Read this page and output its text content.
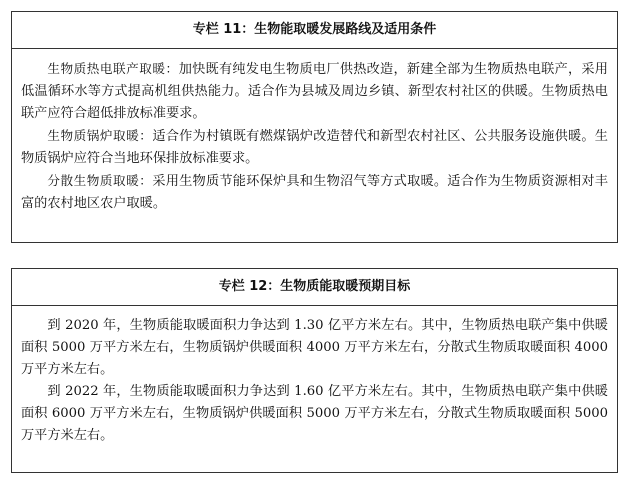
专栏 11：生物能取暖发展路线及适用条件

生物质热电联产取暖：加快既有纯发电生物质电厂供热改造，新建全部为生物质热电联产，采用低温循环水等方式提高机组供热能力。适合作为县城及周边乡镇、新型农村社区的供暖。生物质热电联产应符合超低排放标准要求。

生物质锅炉取暖：适合作为村镇既有燃煤锅炉改造替代和新型农村社区、公共服务设施供暖。生物质锅炉应符合当地环保排放标准要求。

分散生物质取暖：采用生物质节能环保炉具和生物沼气等方式取暖。适合作为生物质资源相对丰富的农村地区农户取暖。

专栏 12：生物质能取暖预期目标

到 2020 年，生物质能取暖面积力争达到 1.30 亿平方米左右。其中，生物质热电联产集中供暖面积 5000 万平方米左右，生物质锅炉供暖面积 4000 万平方米左右，分散式生物质取暖面积 4000 万平方米左右。

到 2022 年，生物质能取暖面积力争达到 1.60 亿平方米左右。其中，生物质热电联产集中供暖面积 6000 万平方米左右，生物质锅炉供暖面积 5000 万平方米左右，分散式生物质取暖面积 5000 万平方米左右。
